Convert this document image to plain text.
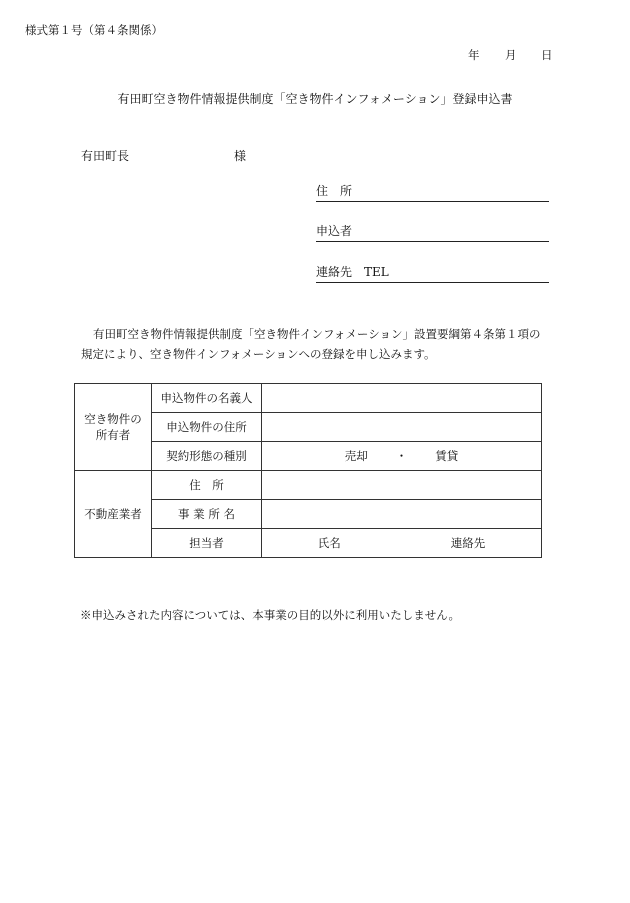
様式第１号（第４条関係）
年 月 日
有田町空き物件情報提供制度「空き物件インフォメーション」登録申込書
有田町長	様
住　所
申込者
連絡先　TEL

有田町空き物件情報提供制度「空き物件インフォメーション」設置要綱第４条第１項の

規定により、空き物件インフォメーションへの登録を申し込みます。

空き物件の
所有者	申込物件の名義人	
	申込物件の住所	
	契約形態の種別	売却 ・ 賃貸
不動産業者	住　所	
	事 業 所 名	
	担当者	氏名 連絡先
※申込みされた内容については、本事業の目的以外に利用いたしません。
